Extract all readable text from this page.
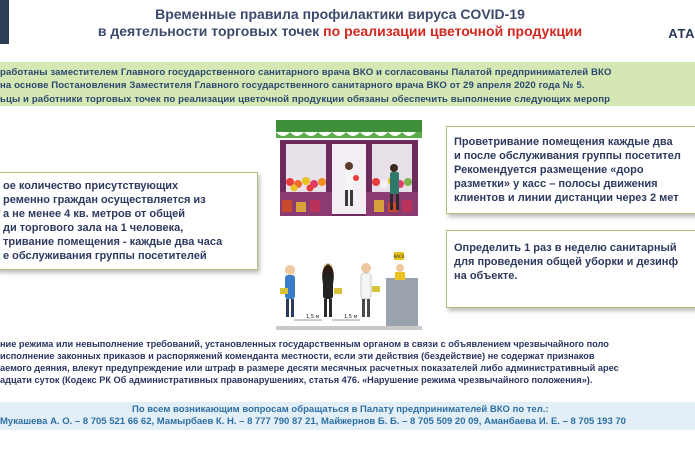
Временные правила профилактики вируса COVID-19
в деятельности торговых точек по реализации цветочной продукции	АТА

работаны заместителем Главного государственного санитарного врача ВКО и согласованы Палатой предпринимателей ВКО

на основе Постановления Заместителя Главного государственного санитарного врача ВКО от 29 апреля 2020 года № 5.

ьцы и работники торговых точек по реализации цветочной продукции обязаны обеспечить выполнение следующих меропр

ое количество присутствующих

ременно граждан осуществляется из

а не менее 4 кв. метров от общей

ди торгового зала на 1 человека,

тривание помещения - каждые два часа

е обслуживания группы посетителей	КАСА
1,5 м	1,5 м

Проветривание помещения каждые два

и после обслуживания группы посетител

Рекомендуется размещение «доро

разметки» у касс – полосы движения

клиентов и линии дистанции через 2 мет

Определить 1 раз в неделю санитарный

для проведения общей уборки и дезинф

на объекте.

ние режима или невыполнение требований, установленных государственным органом в связи с объявлением чрезвычайного поло

исполнение законных приказов и распоряжений коменданта местности, если эти действия (бездействие) не содержат признаков

аемого деяния, влекут предупреждение или штраф в размере десяти месячных расчетных показателей либо административный арес

адцати суток (Кодекс РК Об административных правонарушениях, статья 476. «Нарушение режима чрезвычайного положения»).

По всем возникающим вопросам обращаться в Палату предпринимателей ВКО по тел.:

Мукашева А. О. – 8 705 521 66 62, Мамырбаев К. Н. – 8 777 790 87 21, Майжернов Б. Б. – 8 705 509 20 09, Аманбаева И. Е. – 8 705 193 70
